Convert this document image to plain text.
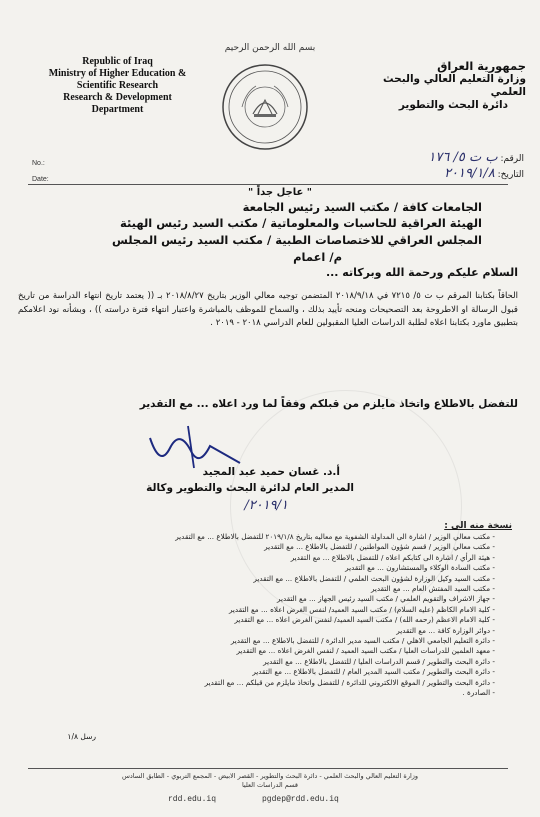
بسم الله الرحمن الرحيم
Republic of Iraq
Ministry of Higher Education &
Scientific Research
Research & Development
Department
جمهورية العراق
وزارة التعليم العالي والبحث العلمي
دائرة البحث والتطوير
الرقم: ب ت ٥/ ١٧٦
التاريخ: ٢٠١٩/١/٨
No.:
Date:
" عاجل جداً "
الجامعات كافة / مكتب السيد رئيس الجامعة
الهيئة العراقية للحاسبات والمعلوماتية / مكتب السيد رئيس الهيئة
المجلس العراقي للاختصاصات الطبية / مكتب السيد رئيس المجلس
م/ اعمام
السلام عليكم ورحمة الله وبركاته ...
الحاقاً بكتابنا المرقم ب ت ٥/ ٧٢١٥ في ٢٠١٨/٩/١٨ المتضمن توجيه معالي الوزير بتاريخ ٢٠١٨/٨/٢٧ بـ (( يعتمد تاريخ انتهاء الدراسة من تاريخ قبول الرسالة او الاطروحة بعد التصحيحات ومنحه تأييد بذلك ، والسماح للموظف بالمباشرة واعتبار انتهاء فترة دراسته )) ، وبشأنه نود اعلامكم بتطبيق ماورد بكتابنا اعلاه لطلبة الدراسات العليا المقبولين للعام الدراسي ٢٠١٨ - ٢٠١٩ .
للتفضل بالاطلاع واتخاذ مايلزم من قبلكم وفقاً لما ورد اعلاه ... مع التقدير
أ.د. غسان حميد عبد المجيد
المدير العام لدائرة البحث والتطوير وكالة
٢٠١٩/١/
نسخة منه الى :
- مكتب معالي الوزير / اشارة الى المداولة الشفوية مع معاليه بتاريخ ٢٠١٩/١/٨ للتفضل بالاطلاع ... مع التقدير
- مكتب معالي الوزير / قسم شؤون المواطنين / للتفضل بالاطلاع ... مع التقدير
- هيئة الرأي / اشارة الى كتابكم اعلاه / للتفضل بالاطلاع ... مع التقدير
- مكتب السادة الوكلاء والمستشارون ... مع التقدير
- مكتب السيد وكيل الوزارة لشؤون البحث العلمي / للتفضل بالاطلاع ... مع التقدير
- مكتب السيد المفتش العام ... مع التقدير
- جهاز الاشراف والتقويم العلمي / مكتب السيد رئيس الجهاز ... مع التقدير
- كلية الامام الكاظم (عليه السلام) / مكتب السيد العميد/ لنفس الغرض اعلاه ... مع التقدير
- كلية الامام الاعظم (رحمه الله) / مكتب السيد العميد/ لنفس الغرض اعلاه ... مع التقدير
- دوائر الوزارة كافة ... مع التقدير
- دائرة التعليم الجامعي الاهلي / مكتب السيد مدير الدائرة / للتفضل بالاطلاع ... مع التقدير
- معهد العلمين للدراسات العليا / مكتب السيد العميد / لنفس الغرض اعلاه ... مع التقدير
- دائرة البحث والتطوير / قسم الدراسات العليا / للتفضل بالاطلاع ... مع التقدير
- دائرة البحث والتطوير / مكتب السيد المدير العام / للتفضل بالاطلاع ... مع التقدير
- دائرة البحث والتطوير / الموقع الالكتروني للدائرة / للتفضل واتخاذ مايلزم من قبلكم ... مع التقدير
- الصادرة .
رسل ١/٨
وزارة التعليم العالي والبحث العلمي - دائرة البحث والتطوير - القصر الابيض - المجمع التربوي - الطابق السادس
قسم الدراسات العليا
rdd.edu.iq	pgdep@rdd.edu.iq
